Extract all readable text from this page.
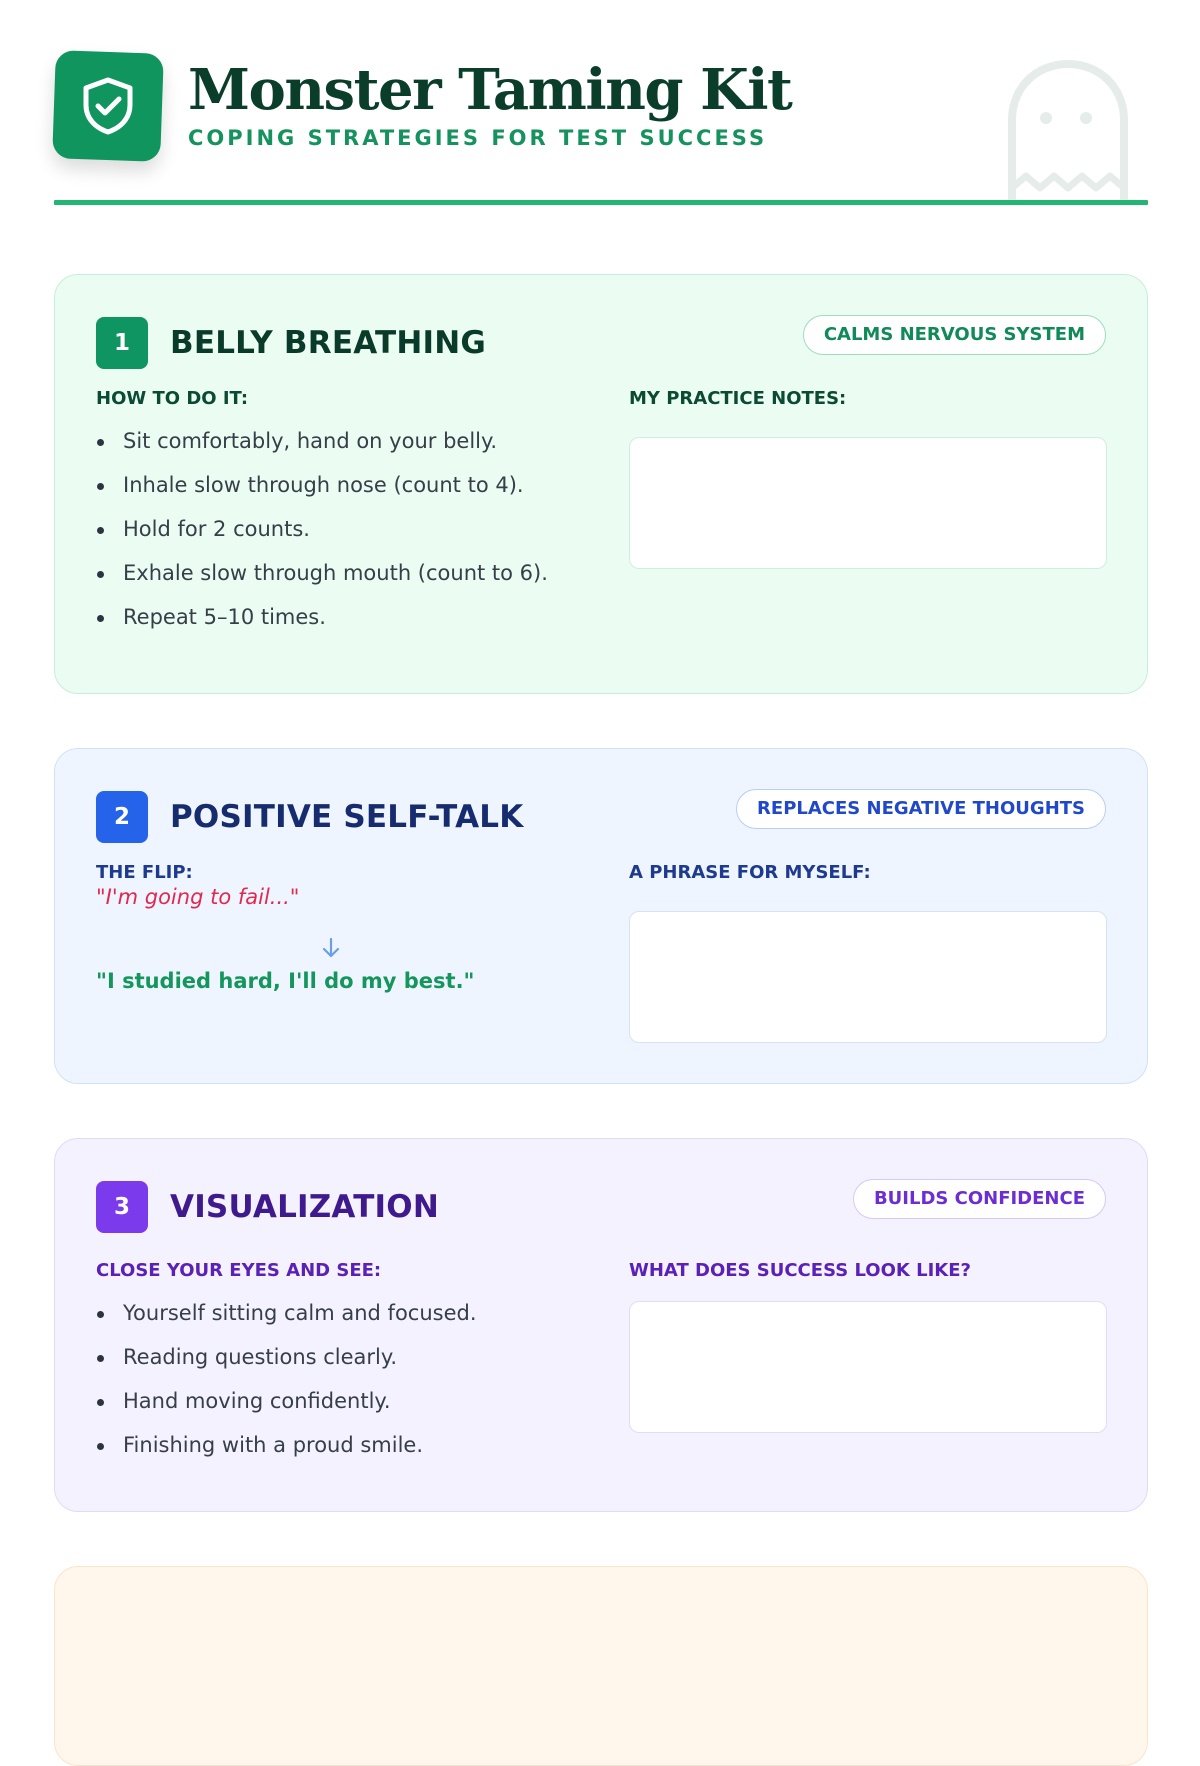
Monster Taming Kit

COPING STRATEGIES FOR TEST SUCCESS

1	BELLY BREATHING	CALMS NERVOUS SYSTEM

HOW TO DO IT:

Sit comfortably, hand on your belly.
Inhale slow through nose (count to 4).
Hold for 2 counts.
Exhale slow through mouth (count to 6).
Repeat 5–10 times.

MY PRACTICE NOTES:

2	POSITIVE SELF-TALK	REPLACES NEGATIVE THOUGHTS

THE FLIP:

"I'm going to fail..."

"I studied hard, I'll do my best."

A PHRASE FOR MYSELF:

3	VISUALIZATION	BUILDS CONFIDENCE

CLOSE YOUR EYES AND SEE:

Yourself sitting calm and focused.
Reading questions clearly.
Hand moving confidently.
Finishing with a proud smile.

WHAT DOES SUCCESS LOOK LIKE?
